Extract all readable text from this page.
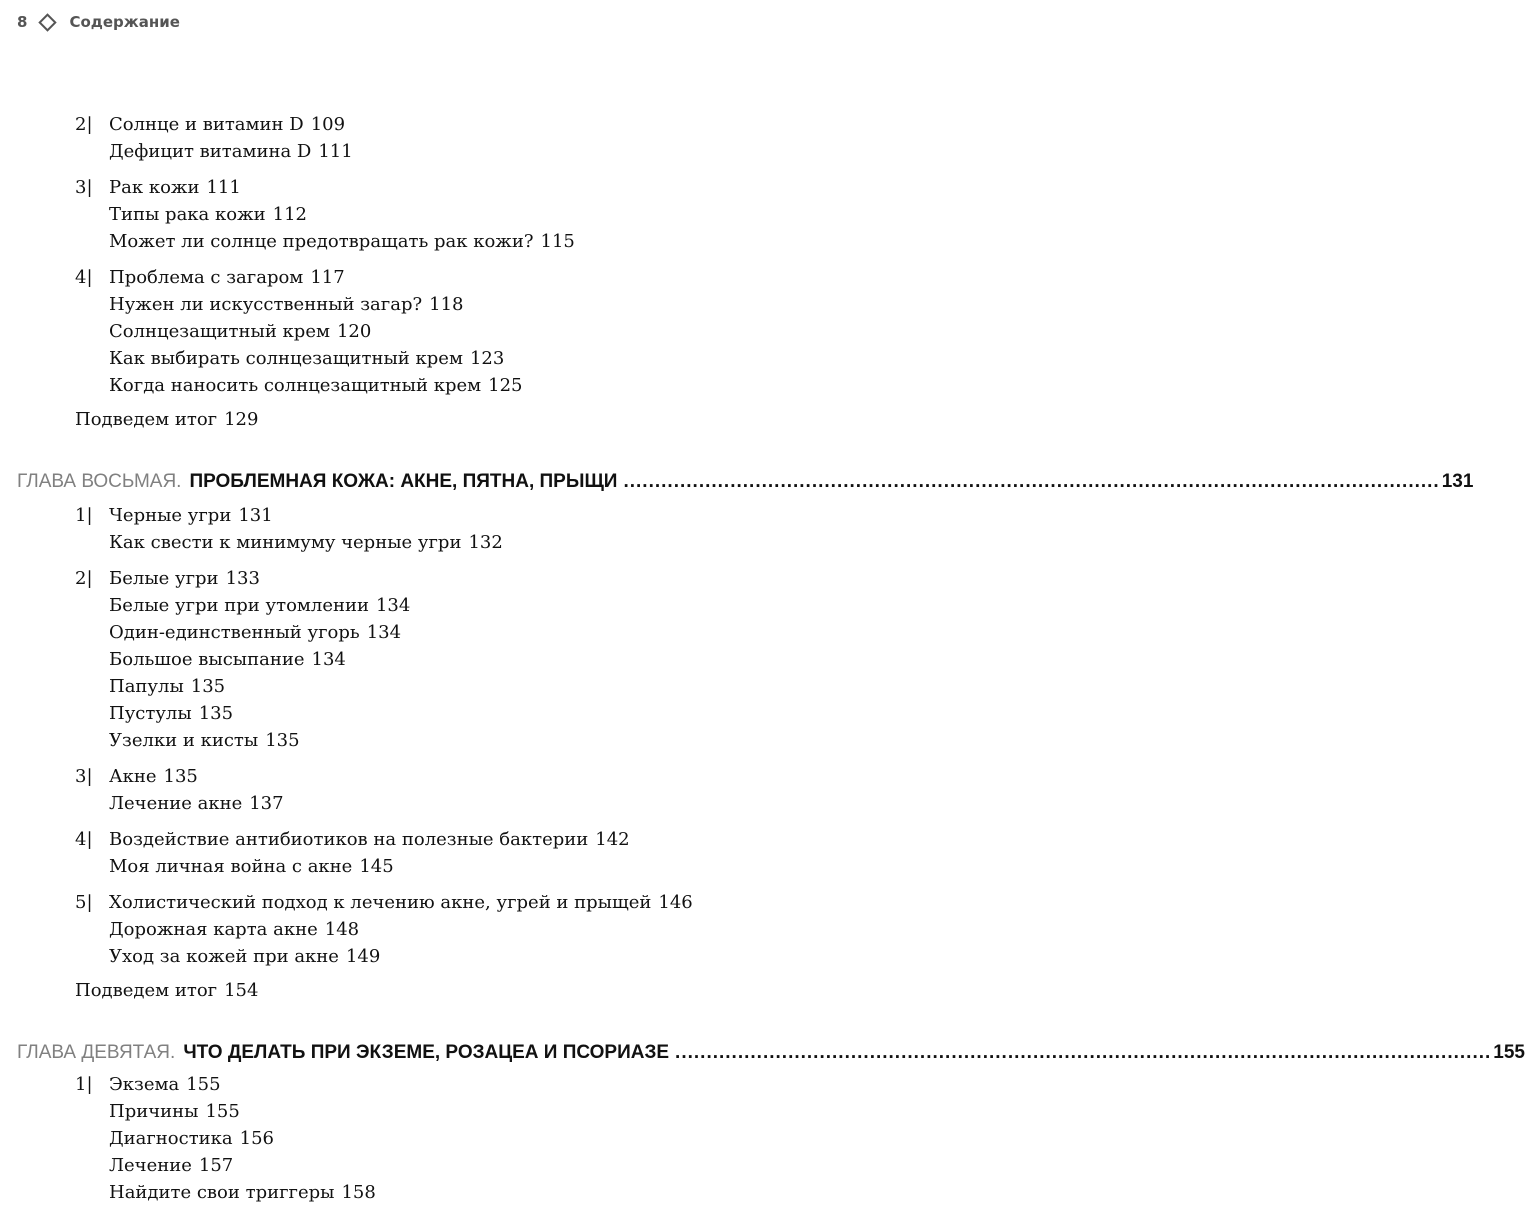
8	Содержание
2| Солнце и витамин D 109
Дефицит витамина D 111
3| Рак кожи 111
Типы рака кожи 112
Может ли солнце предотвращать рак кожи? 115
4| Проблема с загаром 117
Нужен ли искусственный загар? 118
Солнцезащитный крем 120
Как выбирать солнцезащитный крем 123
Когда наносить солнцезащитный крем 125
Подведем итог 129
ГЛАВА ВОСЬМАЯ. ПРОБЛЕМНАЯ КОЖА: АКНЕ, ПЯТНА, ПРЫЩИ .................................................................................................................................. 131
1| Черные угри 131
Как свести к минимуму черные угри 132
2| Белые угри 133
Белые угри при утомлении 134
Один-единственный угорь 134
Большое высыпание 134
Папулы 135
Пустулы 135
Узелки и кисты 135
3| Акне 135
Лечение акне 137
4| Воздействие антибиотиков на полезные бактерии 142
Моя личная война с акне 145
5| Холистический подход к лечению акне, угрей и прыщей 146
Дорожная карта акне 148
Уход за кожей при акне 149
Подведем итог 154
ГЛАВА ДЕВЯТАЯ. ЧТО ДЕЛАТЬ ПРИ ЭКЗЕМЕ, РОЗАЦЕА И ПСОРИАЗЕ .................................................................................................................................. 155
1| Экзема 155
Причины 155
Диагностика 156
Лечение 157
Найдите свои триггеры 158
